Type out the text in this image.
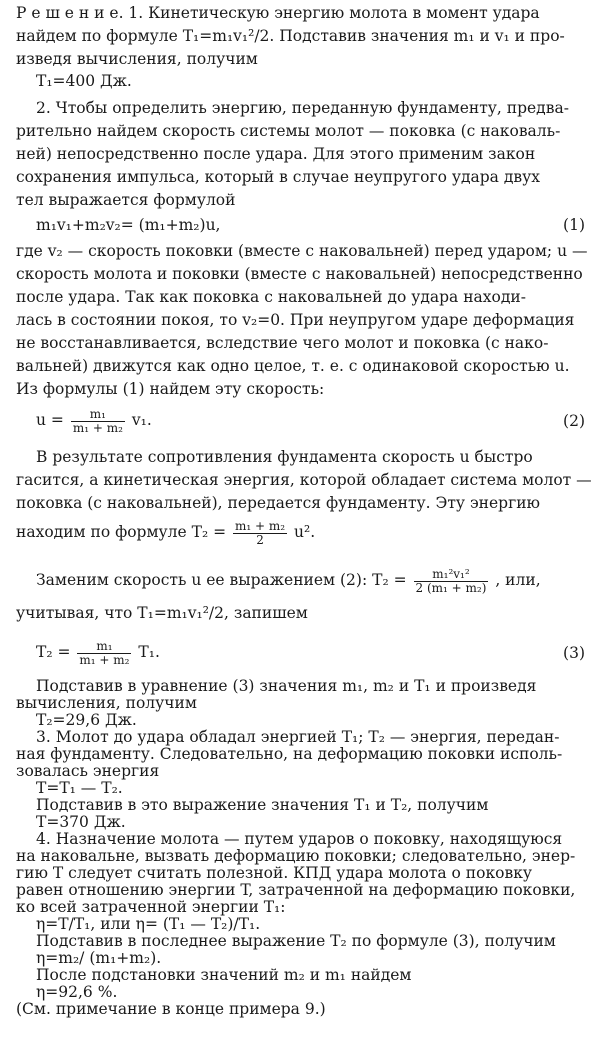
Р е ш е н и е. 1. Кинетическую энергию молота в момент удара
найдем по формуле T₁=m₁v₁²/2. Подставив значения m₁ и v₁ и про-
изведя вычисления, получим
T₁=400 Дж.
2. Чтобы определить энергию, переданную фундаменту, предва-
рительно найдем скорость системы молот — поковка (с наковаль-
ней) непосредственно после удара. Для этого применим закон
сохранения импульса, который в случае неупругого удара двух
тел выражается формулой
m₁v₁+m₂v₂= (m₁+m₂)u,	(1)
где v₂ — скорость поковки (вместе с наковальней) перед ударом; u —
скорость молота и поковки (вместе с наковальней) непосредственно
после удара. Так как поковка с наковальней до удара находи-
лась в состоянии покоя, то v₂=0. При неупругом ударе деформация
не восстанавливается, вследствие чего молот и поковка (с нако-
вальней) движутся как одно целое, т. е. с одинаковой скоростью u.
Из формулы (1) найдем эту скорость:
$u = \frac{\text{m₁}}{\text{m₁ + m₂}} v_1$.	(2)
В результате сопротивления фундамента скорость u быстро
гасится, а кинетическая энергия, которой обладает система молот —
поковка (с наковальней), передается фундаменту. Эту энергию
находим по формуле $T_2 = \frac{\text{m₁ + m₂}}{2} u^2$.
Заменим скорость u ее выражением (2): $T_2 = \frac{\text{m₁²v₁²}}{\text{2 (m₁ + m₂)}}$ , или,
учитывая, что T₁=m₁v₁²/2, запишем
$T_2 = \frac{\text{m₁}}{\text{m₁ + m₂}} T_1$.	(3)
Подставив в уравнение (3) значения m₁, m₂ и T₁ и произведя
вычисления, получим
T₂=29,6 Дж.
3. Молот до удара обладал энергией T₁; T₂ — энергия, передан-
ная фундаменту. Следовательно, на деформацию поковки исполь-
зовалась энергия
T=T₁ — T₂.
Подставив в это выражение значения T₁ и T₂, получим
T=370 Дж.
4. Назначение молота — путем ударов о поковку, находящуюся
на наковальне, вызвать деформацию поковки; следовательно, энер-
гию T следует считать полезной. КПД удара молота о поковку
равен отношению энергии T, затраченной на деформацию поковки,
ко всей затраченной энергии T₁:
η=T/T₁, или η= (T₁ — T₂)/T₁.
Подставив в последнее выражение T₂ по формуле (3), получим
η=m₂/ (m₁+m₂).
После подстановки значений m₂ и m₁ найдем
η=92,6 %.
(См. примечание в конце примера 9.)
